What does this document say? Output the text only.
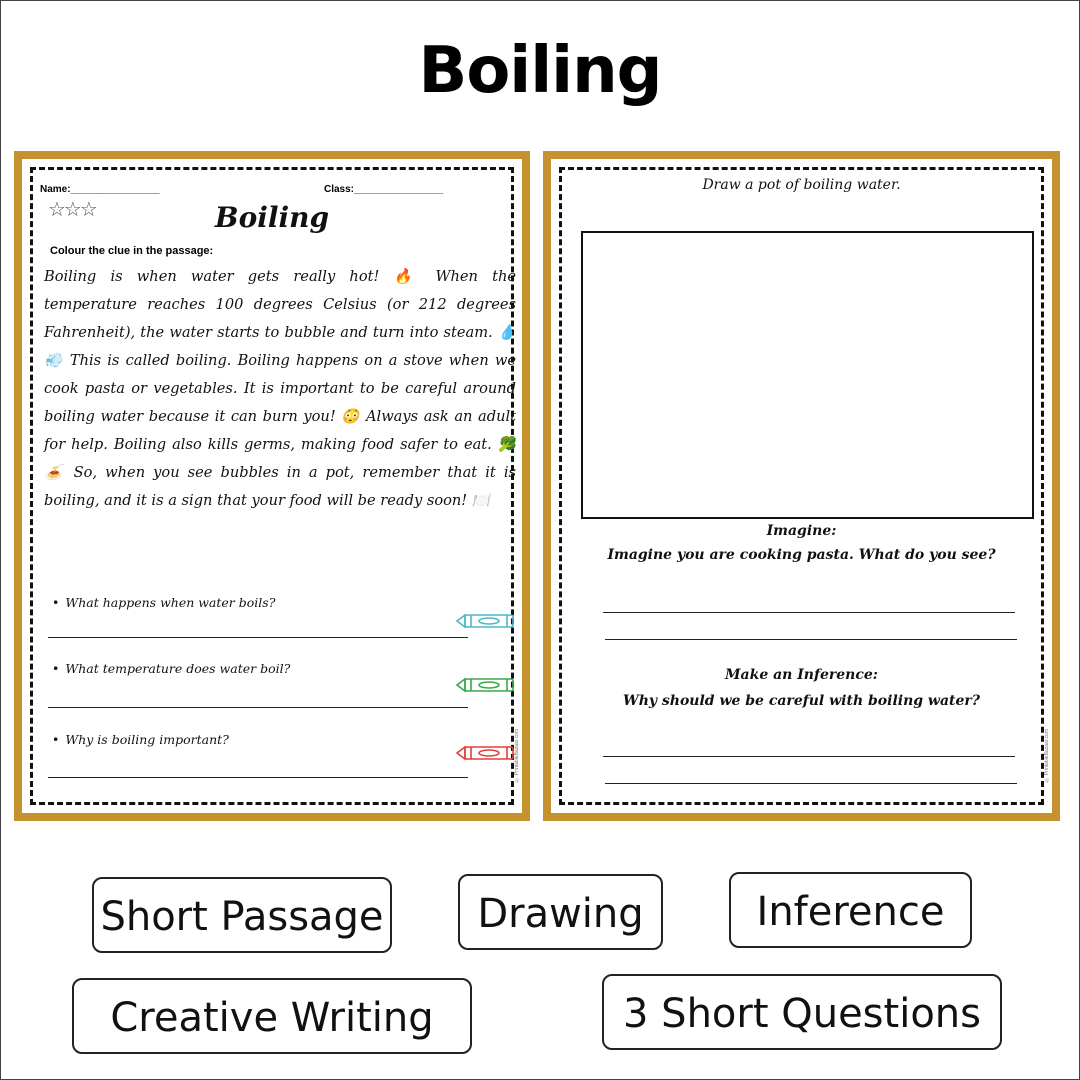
Boiling
Name:________________	Class:________________
☆☆☆	Boiling
Colour the clue in the passage:
Boiling is when water gets really hot! 🔥 When the temperature reaches 100 degrees Celsius (or 212 degrees Fahrenheit), the water starts to bubble and turn into steam. 💧 💨 This is called boiling. Boiling happens on a stove when we cook pasta or vegetables. It is important to be careful around boiling water because it can burn you! 😳 Always ask an adult for help. Boiling also kills germs, making food safer to eat. 🥦 🍝 So, when you see bubbles in a pot, remember that it is boiling, and it is a sign that your food will be ready soon! 🍽️
• What happens when water boils?
• What temperature does water boil?
• Why is boiling important?	© PrintableBazaar.com
Draw a pot of boiling water.
Imagine:
Imagine you are cooking pasta. What do you see?
Make an Inference:
Why should we be careful with boiling water?
© PrintableBazaar.com
Short Passage	Drawing	Inference
Creative Writing	3 Short Questions
